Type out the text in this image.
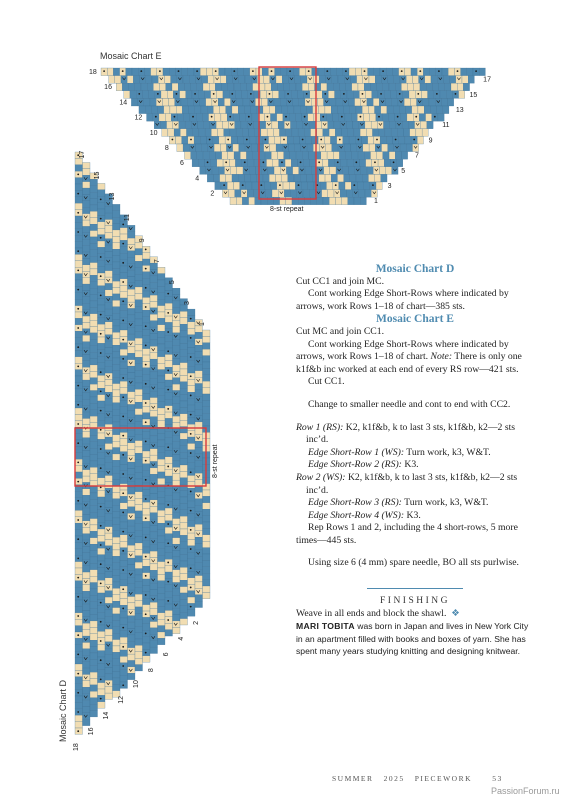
Mosaic Chart E
18
16
14
12
10
8
6
4
2
17
15
13
11
9
7
5
3
1
8-st repeat
17
15
13
11
9
7
5
3
1
18
16
14
12
10
8
6
4
2
Mosaic Chart D
8-st repeat

Mosaic Chart D

Cut CC1 and join MC.

Cont working Edge Short-Rows where indicated by arrows, work Rows 1–18 of chart—385 sts.

Mosaic Chart E

Cut MC and join CC1.

Cont working Edge Short-Rows where indicated by arrows, work Rows 1–18 of chart. Note: There is only one k1f&b inc worked at each end of every RS row—421 sts.

Cut CC1.

Change to smaller needle and cont to end with CC2.

Row 1 (RS): K2, k1f&b, k to last 3 sts, k1f&b, k2—2 sts inc’d.

Edge Short-Row 1 (WS): Turn work, k3, W&T.

Edge Short-Row 2 (RS): K3.

Row 2 (WS): K2, k1f&b, k to last 3 sts, k1f&b, k2—2 sts inc’d.

Edge Short-Row 3 (RS): Turn work, k3, W&T.

Edge Short-Row 4 (WS): K3.

Rep Rows 1 and 2, including the 4 short-rows, 5 more times—445 sts.

Using size 6 (4 mm) spare needle, BO all sts purlwise.

FINISHING

Weave in all ends and block the shawl. ❖

MARI TOBITA was born in Japan and lives in New York City in an apartment filled with books and boxes of yarn. She has spent many years studying knitting and designing knitwear.

SUMMER 2025 PIECEWORK	53
PassionForum.ru
